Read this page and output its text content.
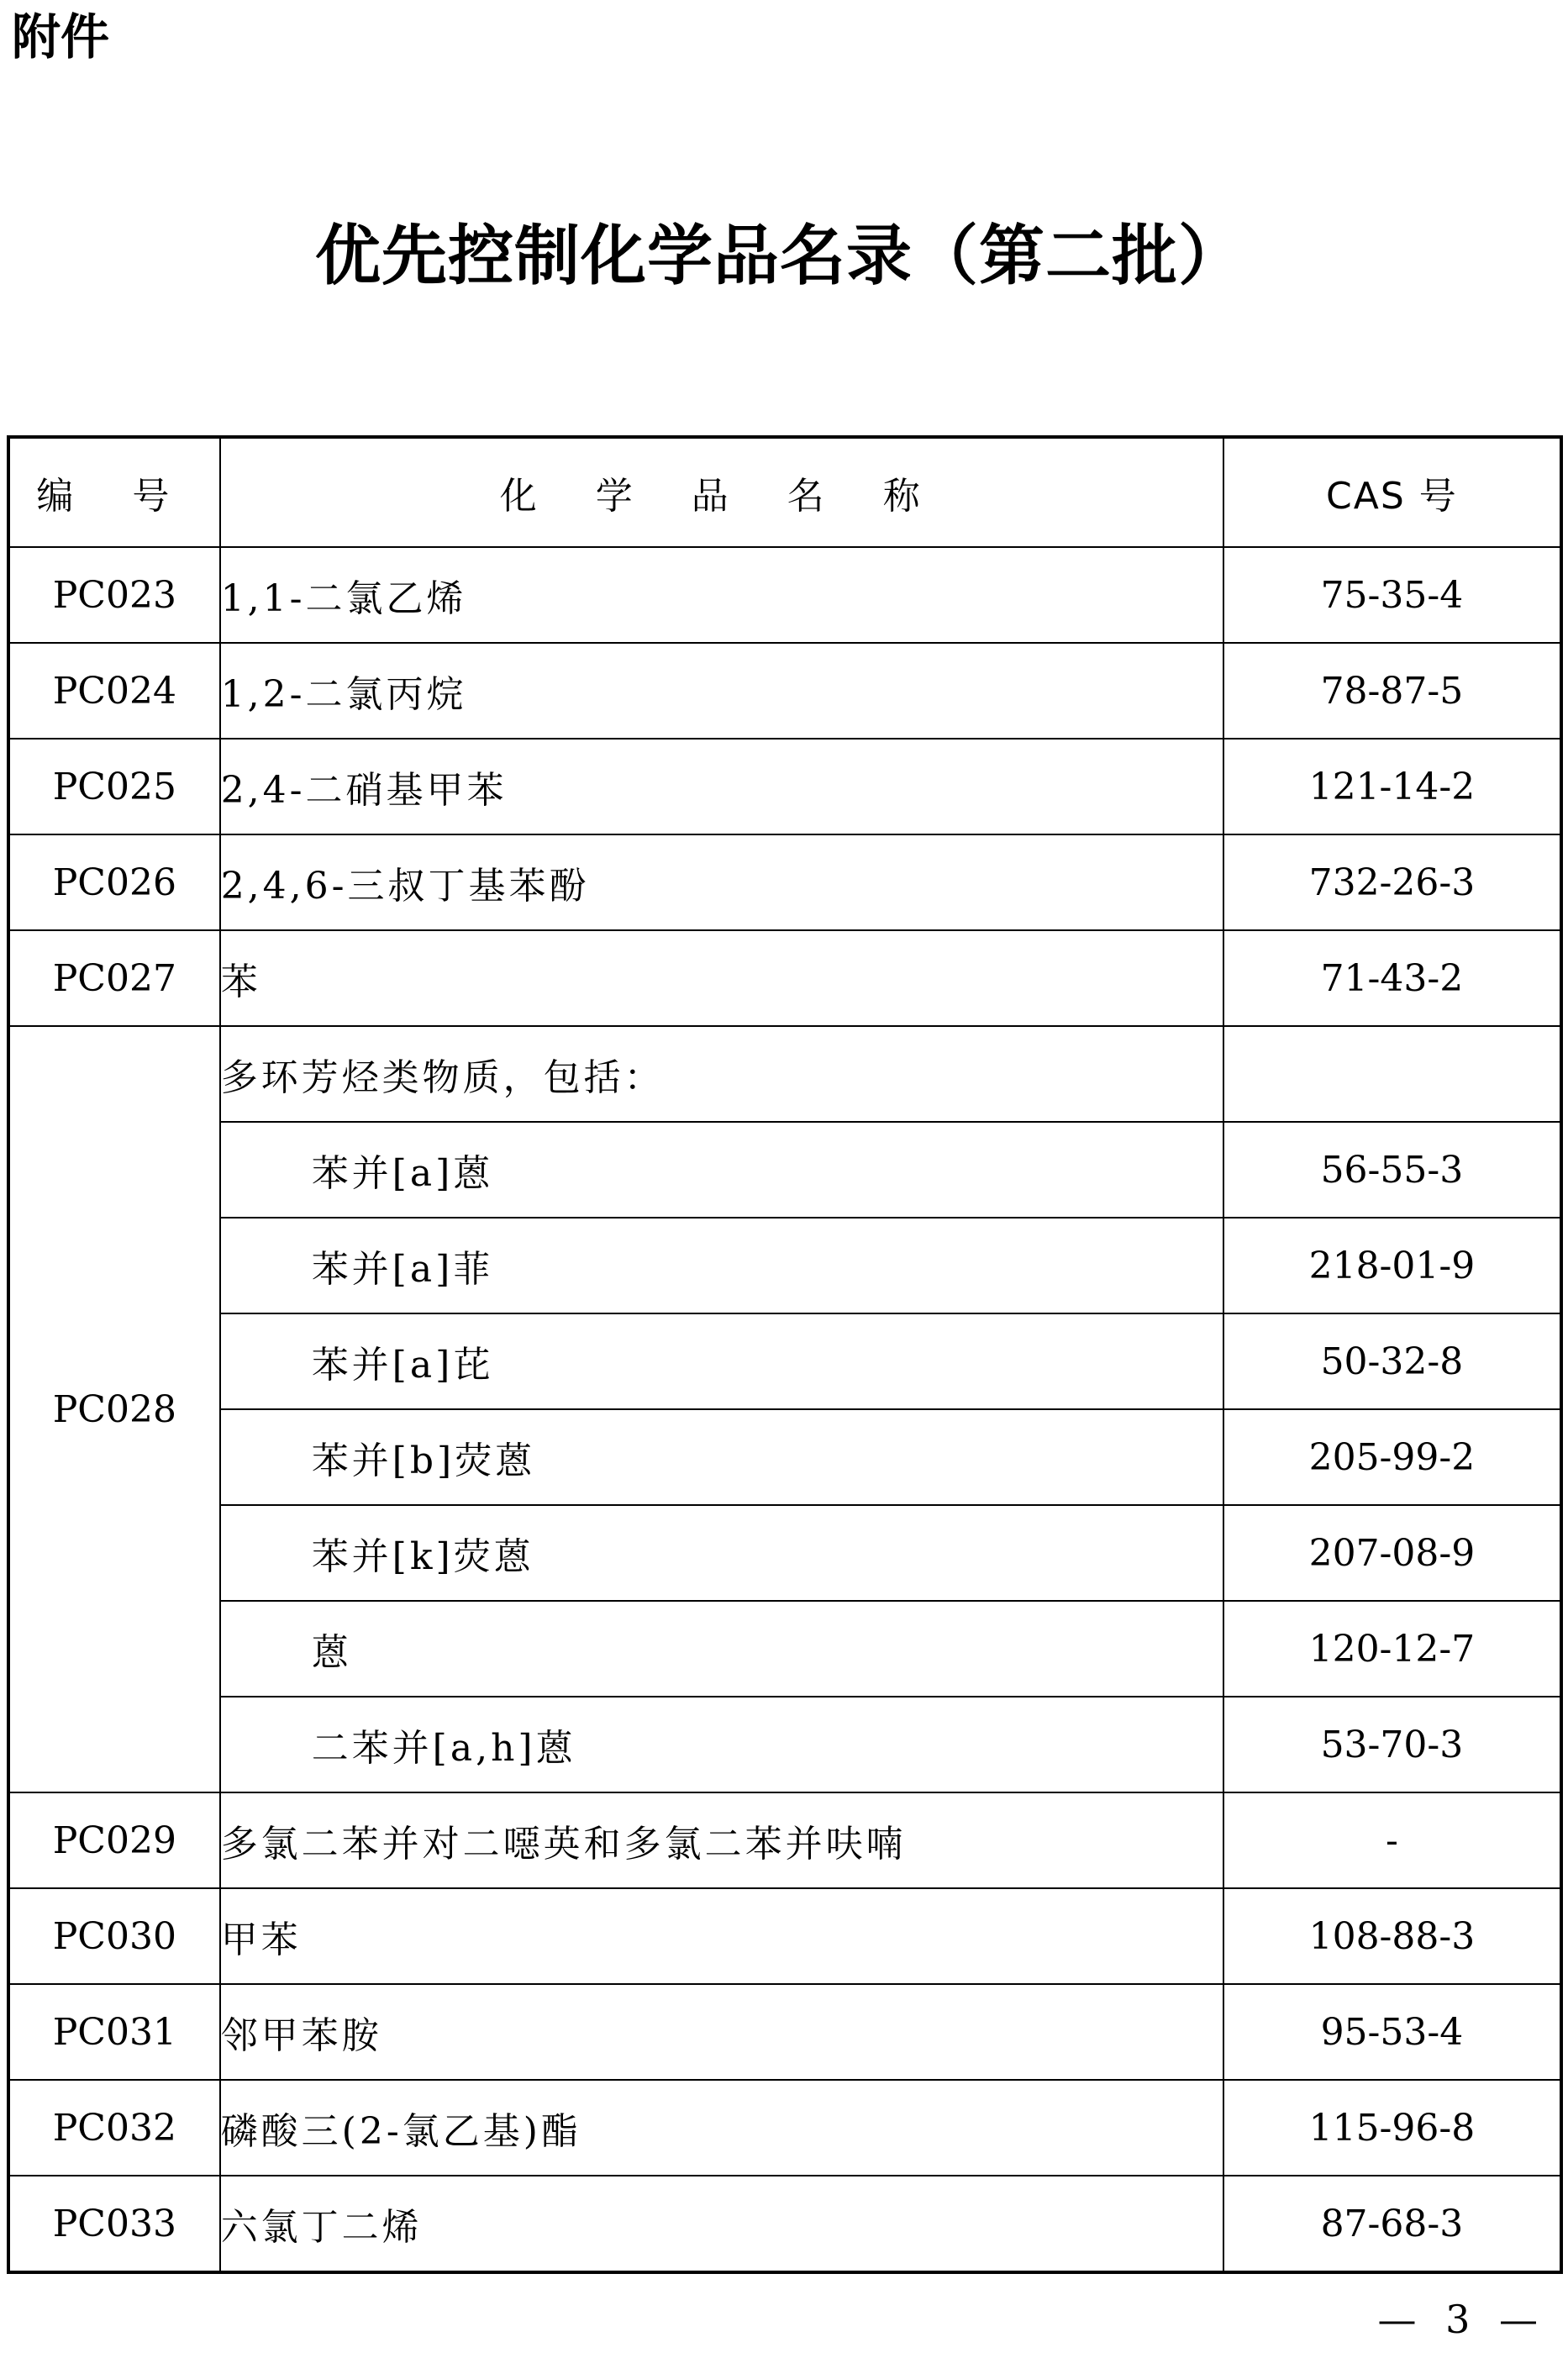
附件
优先控制化学品名录（第二批）
编 号	化 学 品 名 称	CAS 号
PC023	1,1-二氯乙烯	75-35-4
PC024	1,2-二氯丙烷	78-87-5
PC025	2,4-二硝基甲苯	121-14-2
PC026	2,4,6-三叔丁基苯酚	732-26-3
PC027	苯	71-43-2
PC028	多环芳烃类物质，包括：	
	苯并[a]蒽	56-55-3
	苯并[a]菲	218-01-9
	苯并[a]芘	50-32-8
	苯并[b]荧蒽	205-99-2
	苯并[k]荧蒽	207-08-9
	蒽	120-12-7
	二苯并[a,h]蒽	53-70-3
PC029	多氯二苯并对二噁英和多氯二苯并呋喃	-
PC030	甲苯	108-88-3
PC031	邻甲苯胺	95-53-4
PC032	磷酸三(2-氯乙基)酯	115-96-8
PC033	六氯丁二烯	87-68-3
— 3 —
